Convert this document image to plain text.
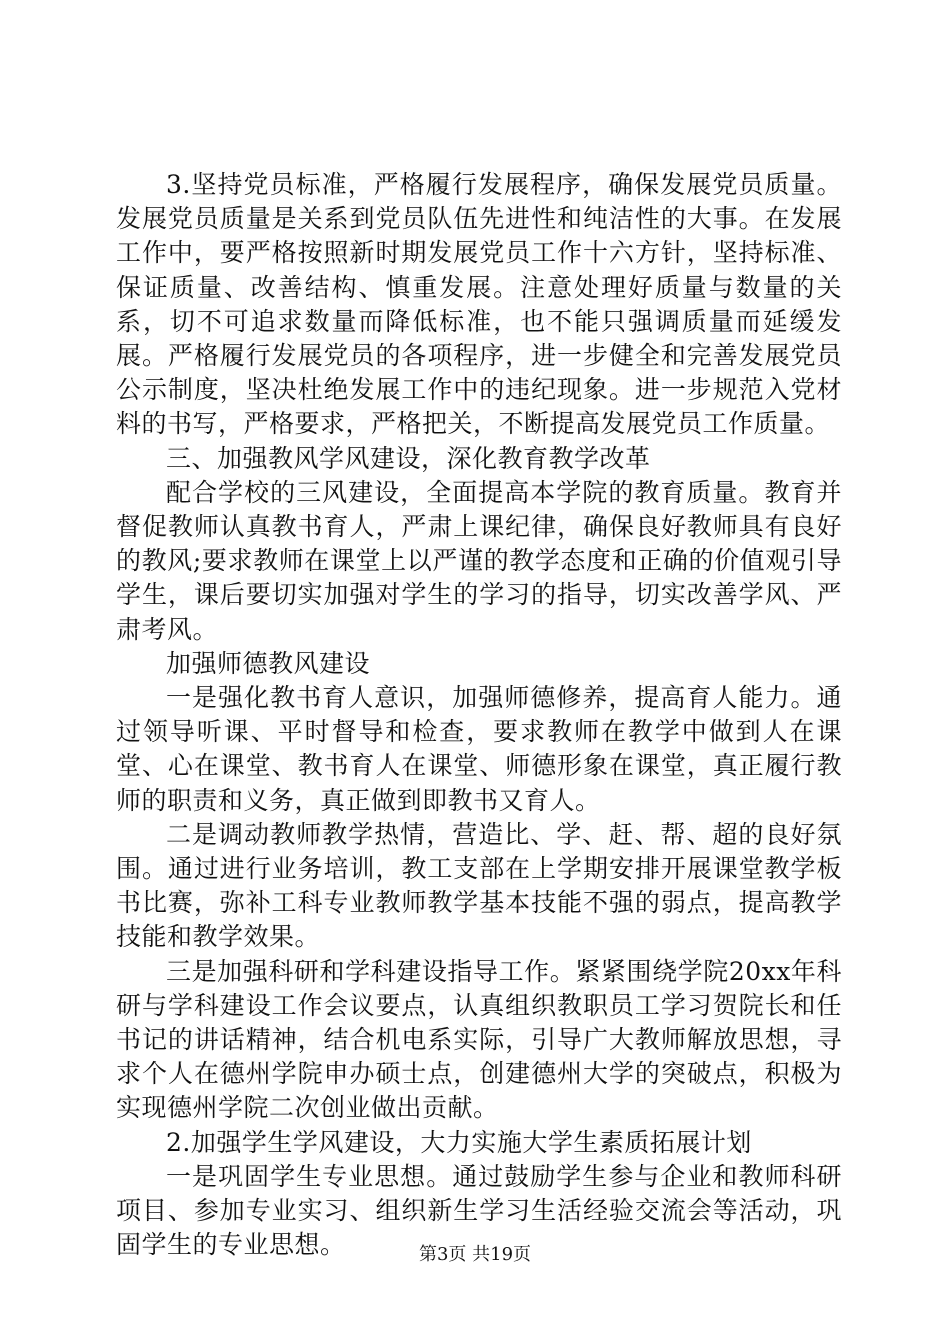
3.坚持党员标准，严格履行发展程序，确保发展党员质量。发展党员质量是关系到党员队伍先进性和纯洁性的大事。在发展工作中，要严格按照新时期发展党员工作十六方针，坚持标准、保证质量、改善结构、慎重发展。注意处理好质量与数量的关系，切不可追求数量而降低标准，也不能只强调质量而延缓发展。严格履行发展党员的各项程序，进一步健全和完善发展党员公示制度，坚决杜绝发展工作中的违纪现象。进一步规范入党材料的书写，严格要求，严格把关，不断提高发展党员工作质量。

三、加强教风学风建设，深化教育教学改革

配合学校的三风建设，全面提高本学院的教育质量。教育并督促教师认真教书育人，严肃上课纪律，确保良好教师具有良好的教风;要求教师在课堂上以严谨的教学态度和正确的价值观引导学生，课后要切实加强对学生的学习的指导，切实改善学风、严肃考风。

加强师德教风建设

一是强化教书育人意识，加强师德修养，提高育人能力。通过领导听课、平时督导和检查，要求教师在教学中做到人在课堂、心在课堂、教书育人在课堂、师德形象在课堂，真正履行教师的职责和义务，真正做到即教书又育人。

二是调动教师教学热情，营造比、学、赶、帮、超的良好氛围。通过进行业务培训，教工支部在上学期安排开展课堂教学板书比赛，弥补工科专业教师教学基本技能不强的弱点，提高教学技能和教学效果。

三是加强科研和学科建设指导工作。紧紧围绕学院20xx年科研与学科建设工作会议要点，认真组织教职员工学习贺院长和任书记的讲话精神，结合机电系实际，引导广大教师解放思想，寻求个人在德州学院申办硕士点，创建德州大学的突破点，积极为实现德州学院二次创业做出贡献。

2.加强学生学风建设，大力实施大学生素质拓展计划

一是巩固学生专业思想。通过鼓励学生参与企业和教师科研项目、参加专业实习、组织新生学习生活经验交流会等活动，巩固学生的专业思想。	第3页 共19页
